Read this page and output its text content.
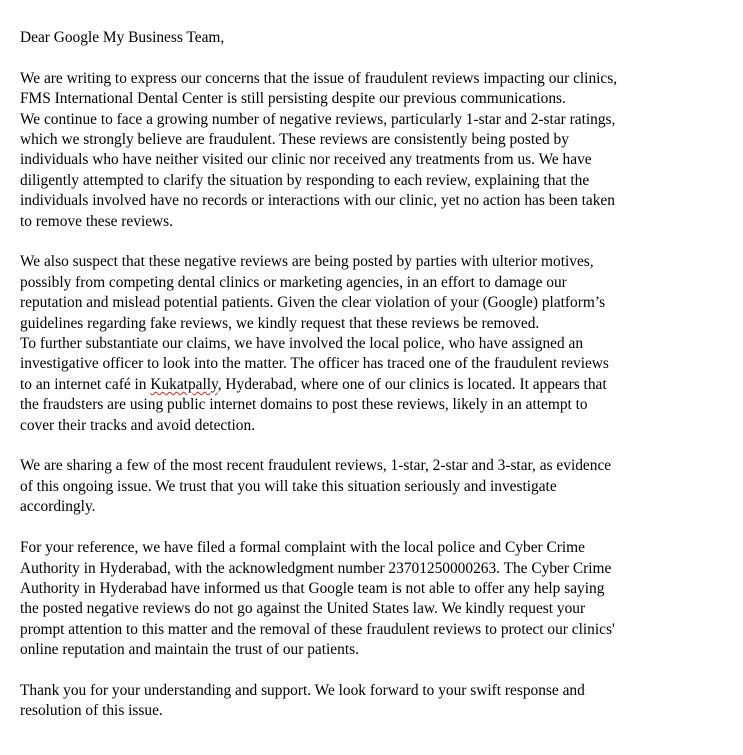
Dear Google My Business Team,

We are writing to express our concerns that the issue of fraudulent reviews impacting our clinics,
FMS International Dental Center is still persisting despite our previous communications.
We continue to face a growing number of negative reviews, particularly 1-star and 2-star ratings,
which we strongly believe are fraudulent. These reviews are consistently being posted by
individuals who have neither visited our clinic nor received any treatments from us. We have
diligently attempted to clarify the situation by responding to each review, explaining that the
individuals involved have no records or interactions with our clinic, yet no action has been taken
to remove these reviews.

We also suspect that these negative reviews are being posted by parties with ulterior motives,
possibly from competing dental clinics or marketing agencies, in an effort to damage our
reputation and mislead potential patients. Given the clear violation of your (Google) platform’s
guidelines regarding fake reviews, we kindly request that these reviews be removed.
To further substantiate our claims, we have involved the local police, who have assigned an
investigative officer to look into the matter. The officer has traced one of the fraudulent reviews
to an internet café in Kukatpally, Hyderabad, where one of our clinics is located. It appears that
the fraudsters are using public internet domains to post these reviews, likely in an attempt to
cover their tracks and avoid detection.

We are sharing a few of the most recent fraudulent reviews, 1-star, 2-star and 3-star, as evidence
of this ongoing issue. We trust that you will take this situation seriously and investigate
accordingly.

For your reference, we have filed a formal complaint with the local police and Cyber Crime
Authority in Hyderabad, with the acknowledgment number 23701250000263. The Cyber Crime
Authority in Hyderabad have informed us that Google team is not able to offer any help saying
the posted negative reviews do not go against the United States law. We kindly request your
prompt attention to this matter and the removal of these fraudulent reviews to protect our clinics'
online reputation and maintain the trust of our patients.

Thank you for your understanding and support. We look forward to your swift response and
resolution of this issue.
